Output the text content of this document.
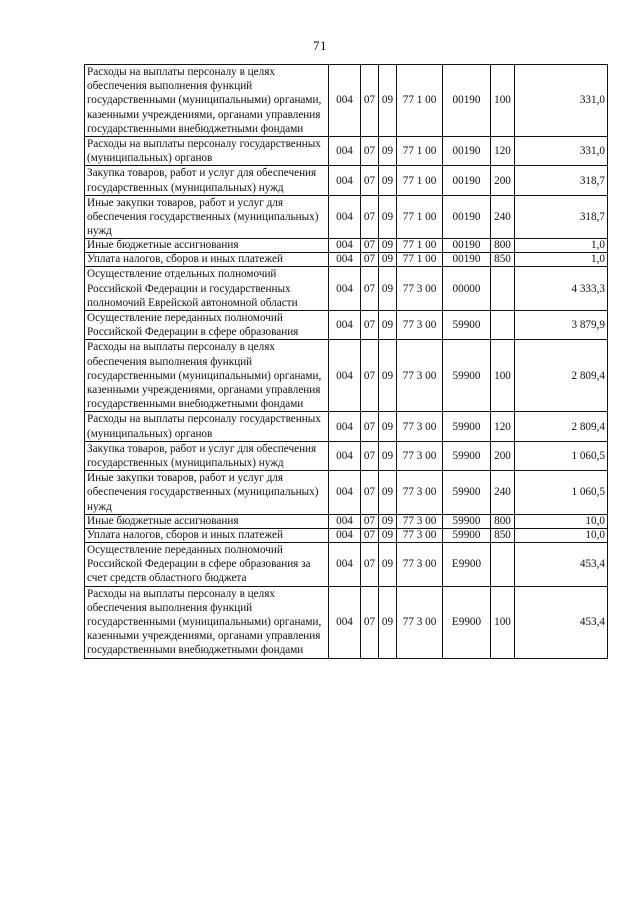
71
Расходы на выплаты персоналу в целях обеспечения выполнения функций государственными (муниципальными) органами, казенными учреждениями, органами управления государственными внебюджетными фондами	004	07	09	77 1 00	00190	100	331,0
Расходы на выплаты персоналу государственных (муниципальных) органов	004	07	09	77 1 00	00190	120	331,0
Закупка товаров, работ и услуг для обеспечения государственных (муниципальных) нужд	004	07	09	77 1 00	00190	200	318,7
Иные закупки товаров, работ и услуг для обеспечения государственных (муниципальных) нужд	004	07	09	77 1 00	00190	240	318,7
Иные бюджетные ассигнования	004	07	09	77 1 00	00190	800	1,0
Уплата налогов, сборов и иных платежей	004	07	09	77 1 00	00190	850	1,0
Осуществление отдельных полномочий Российской Федерации и государственных полномочий Еврейской автономной области	004	07	09	77 3 00	00000		4 333,3
Осуществление переданных полномочий Российской Федерации в сфере образования	004	07	09	77 3 00	59900		3 879,9
Расходы на выплаты персоналу в целях обеспечения выполнения функций государственными (муниципальными) органами, казенными учреждениями, органами управления государственными внебюджетными фондами	004	07	09	77 3 00	59900	100	2 809,4
Расходы на выплаты персоналу государственных (муниципальных) органов	004	07	09	77 3 00	59900	120	2 809,4
Закупка товаров, работ и услуг для обеспечения государственных (муниципальных) нужд	004	07	09	77 3 00	59900	200	1 060,5
Иные закупки товаров, работ и услуг для обеспечения государственных (муниципальных) нужд	004	07	09	77 3 00	59900	240	1 060,5
Иные бюджетные ассигнования	004	07	09	77 3 00	59900	800	10,0
Уплата налогов, сборов и иных платежей	004	07	09	77 3 00	59900	850	10,0
Осуществление переданных полномочий Российской Федерации в сфере образования за счет средств областного бюджета	004	07	09	77 3 00	Е9900		453,4
Расходы на выплаты персоналу в целях обеспечения выполнения функций государственными (муниципальными) органами, казенными учреждениями, органами управления государственными внебюджетными фондами	004	07	09	77 3 00	Е9900	100	453,4
